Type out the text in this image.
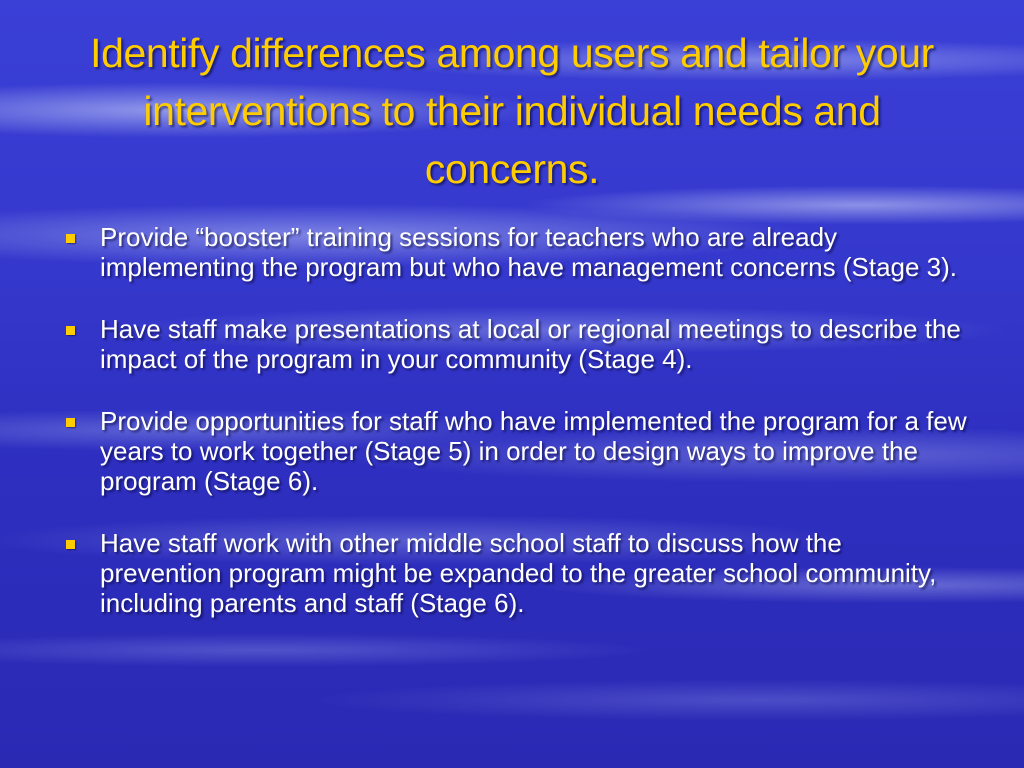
Identify differences among users and tailor your interventions to their individual needs and concerns.
Provide “booster” training sessions for teachers who are already implementing the program but who have management concerns (Stage 3).
Have staff make presentations at local or regional meetings to describe the impact of the program in your community (Stage 4).
Provide opportunities for staff who have implemented the program for a few years to work together (Stage 5) in order to design ways to improve the program (Stage 6).
Have staff work with other middle school staff to discuss how the prevention program might be expanded to the greater school community, including parents and staff (Stage 6).
